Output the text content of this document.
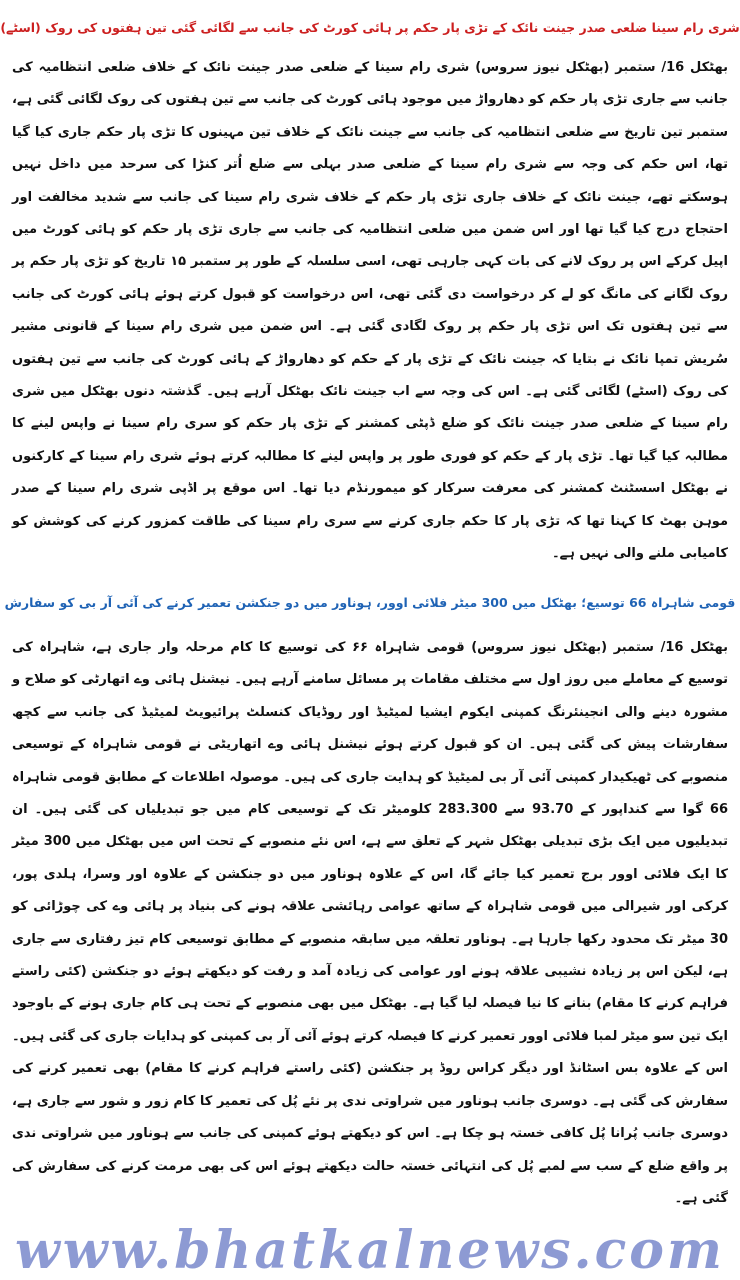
شری رام سینا ضلعی صدر جینت نائک کے تڑی پار حکم پر ہائی کورٹ کی جانب سے لگائی گئی تین ہفتوں کی روک (اسٹے)

بھٹکل 16/ ستمبر (بھٹکل نیوز سروس) شری رام سینا کے ضلعی صدر جینت نائک کے خلاف ضلعی انتظامیہ کی جانب سے جاری تڑی پار حکم کو دھارواڑ میں موجود ہائی کورٹ کی جانب سے تین ہفتوں کی روک لگائی گئی ہے، ستمبر تین تاریخ سے ضلعی انتظامیہ کی جانب سے جینت نائک کے خلاف تین مہینوں کا تڑی پار حکم جاری کیا گیا تھا، اس حکم کی وجہ سے شری رام سینا کے ضلعی صدر بہلی سے ضلع اُتر کنڑا کی سرحد میں داخل نہیں ہوسکتے تھے، جینت نائک کے خلاف جاری تڑی پار حکم کے خلاف شری رام سینا کی جانب سے شدید مخالفت اور احتجاج درج کیا گیا تھا اور اس ضمن میں ضلعی انتظامیہ کی جانب سے جاری تڑی پار حکم کو ہائی کورٹ میں اپیل کرکے اس پر روک لانے کی بات کہی جارہی تھی، اسی سلسلہ کے طور پر ستمبر ۱۵ تاریخ کو تڑی پار حکم پر روک لگانے کی مانگ کو لے کر درخواست دی گئی تھی، اس درخواست کو قبول کرتے ہوئے ہائی کورٹ کی جانب سے تین ہفتوں تک اس تڑی پار حکم پر روک لگادی گئی ہے۔ اس ضمن میں شری رام سینا کے قانونی مشیر سُریش تمپا نائک نے بتایا کہ جینت نائک کے تڑی پار کے حکم کو دھارواڑ کے ہائی کورٹ کی جانب سے تین ہفتوں کی روک (اسٹے) لگائی گئی ہے۔ اس کی وجہ سے اب جینت نائک بھٹکل آرہے ہیں۔ گذشتہ دنوں بھٹکل میں شری رام سینا کے ضلعی صدر جینت نائک کو ضلع ڈپٹی کمشنر کے تڑی پار حکم کو سری رام سینا نے واپس لینے کا مطالبہ کیا گیا تھا۔ تڑی پار کے حکم کو فوری طور پر واپس لینے کا مطالبہ کرتے ہوئے شری رام سینا کے کارکنوں نے بھٹکل اسسٹنٹ کمشنر کی معرفت سرکار کو میمورنڈم دیا تھا۔ اس موقع پر اڈپی شری رام سینا کے صدر موہن بھٹ کا کہنا تھا کہ تڑی پار کا حکم جاری کرنے سے سری رام سینا کی طاقت کمزور کرنے کی کوشش کو کامیابی ملنے والی نہیں ہے۔

قومی شاہراہ 66 توسیع؛ بھٹکل میں 300 میٹر فلائی اوور، ہوناور میں دو جنکشن تعمیر کرنے کی آئی آر بی کو سفارش

بھٹکل 16/ ستمبر (بھٹکل نیوز سروس) قومی شاہراہ ۶۶ کی توسیع کا کام مرحلہ وار جاری ہے، شاہراہ کی توسیع کے معاملے میں روز اول سے مختلف مقامات پر مسائل سامنے آرہے ہیں۔ نیشنل ہائی وے اتھارٹی کو صلاح و مشورہ دینے والی انجینئرنگ کمپنی ایکوم ایشیا لمیٹیڈ اور روڈیاک کنسلٹ پرائیویٹ لمیٹیڈ کی جانب سے کچھ سفارشات پیش کی گئی ہیں۔ ان کو قبول کرتے ہوئے نیشنل ہائی وے اتھاریٹی نے قومی شاہراہ کے توسیعی منصوبے کی ٹھیکیدار کمپنی آئی آر بی لمیٹیڈ کو ہدایت جاری کی ہیں۔ موصولہ اطلاعات کے مطابق قومی شاہراہ 66 گوا سے کنداپور کے 93.70 سے 283.300 کلومیٹر تک کے توسیعی کام میں جو تبدیلیاں کی گئی ہیں۔ ان تبدیلیوں میں ایک بڑی تبدیلی بھٹکل شہر کے تعلق سے ہے، اس نئے منصوبے کے تحت اس میں بھٹکل میں 300 میٹر کا ایک فلائی اوور برج تعمیر کیا جائے گا، اس کے علاوہ ہوناور میں دو جنکشن کے علاوہ اور وسرا، ہلدی پور، کرکی اور شیرالی میں قومی شاہراہ کے ساتھ عوامی رہائشی علاقہ ہونے کی بنیاد پر ہائی وے کی چوڑائی کو 30 میٹر تک محدود رکھا جارہا ہے۔ ہوناور تعلقہ میں سابقہ منصوبے کے مطابق توسیعی کام تیز رفتاری سے جاری ہے، لیکن اس پر زیادہ نشیبی علاقہ ہونے اور عوامی کی زیادہ آمد و رفت کو دیکھتے ہوئے دو جنکشن (کئی راستے فراہم کرنے کا مقام) بنانے کا نیا فیصلہ لیا گیا ہے۔ بھٹکل میں بھی منصوبے کے تحت ہی کام جاری ہونے کے باوجود ایک تین سو میٹر لمبا فلائی اوور تعمیر کرنے کا فیصلہ کرتے ہوئے آئی آر بی کمپنی کو ہدایات جاری کی گئی ہیں۔ اس کے علاوہ بس اسٹانڈ اور دیگر کراس روڈ پر جنکشن (کئی راستے فراہم کرنے کا مقام) بھی تعمیر کرنے کی سفارش کی گئی ہے۔ دوسری جانب ہوناور میں شراوتی ندی پر نئے پُل کی تعمیر کا کام زور و شور سے جاری ہے، دوسری جانب پُرانا پُل کافی خستہ ہو چکا ہے۔ اس کو دیکھتے ہوئے کمپنی کی جانب سے ہوناور میں شراوتی ندی پر واقع ضلع کے سب سے لمبے پُل کی انتہائی خستہ حالت دیکھتے ہوئے اس کی بھی مرمت کرنے کی سفارش کی گئی ہے۔

www.bhatkalnews.com
